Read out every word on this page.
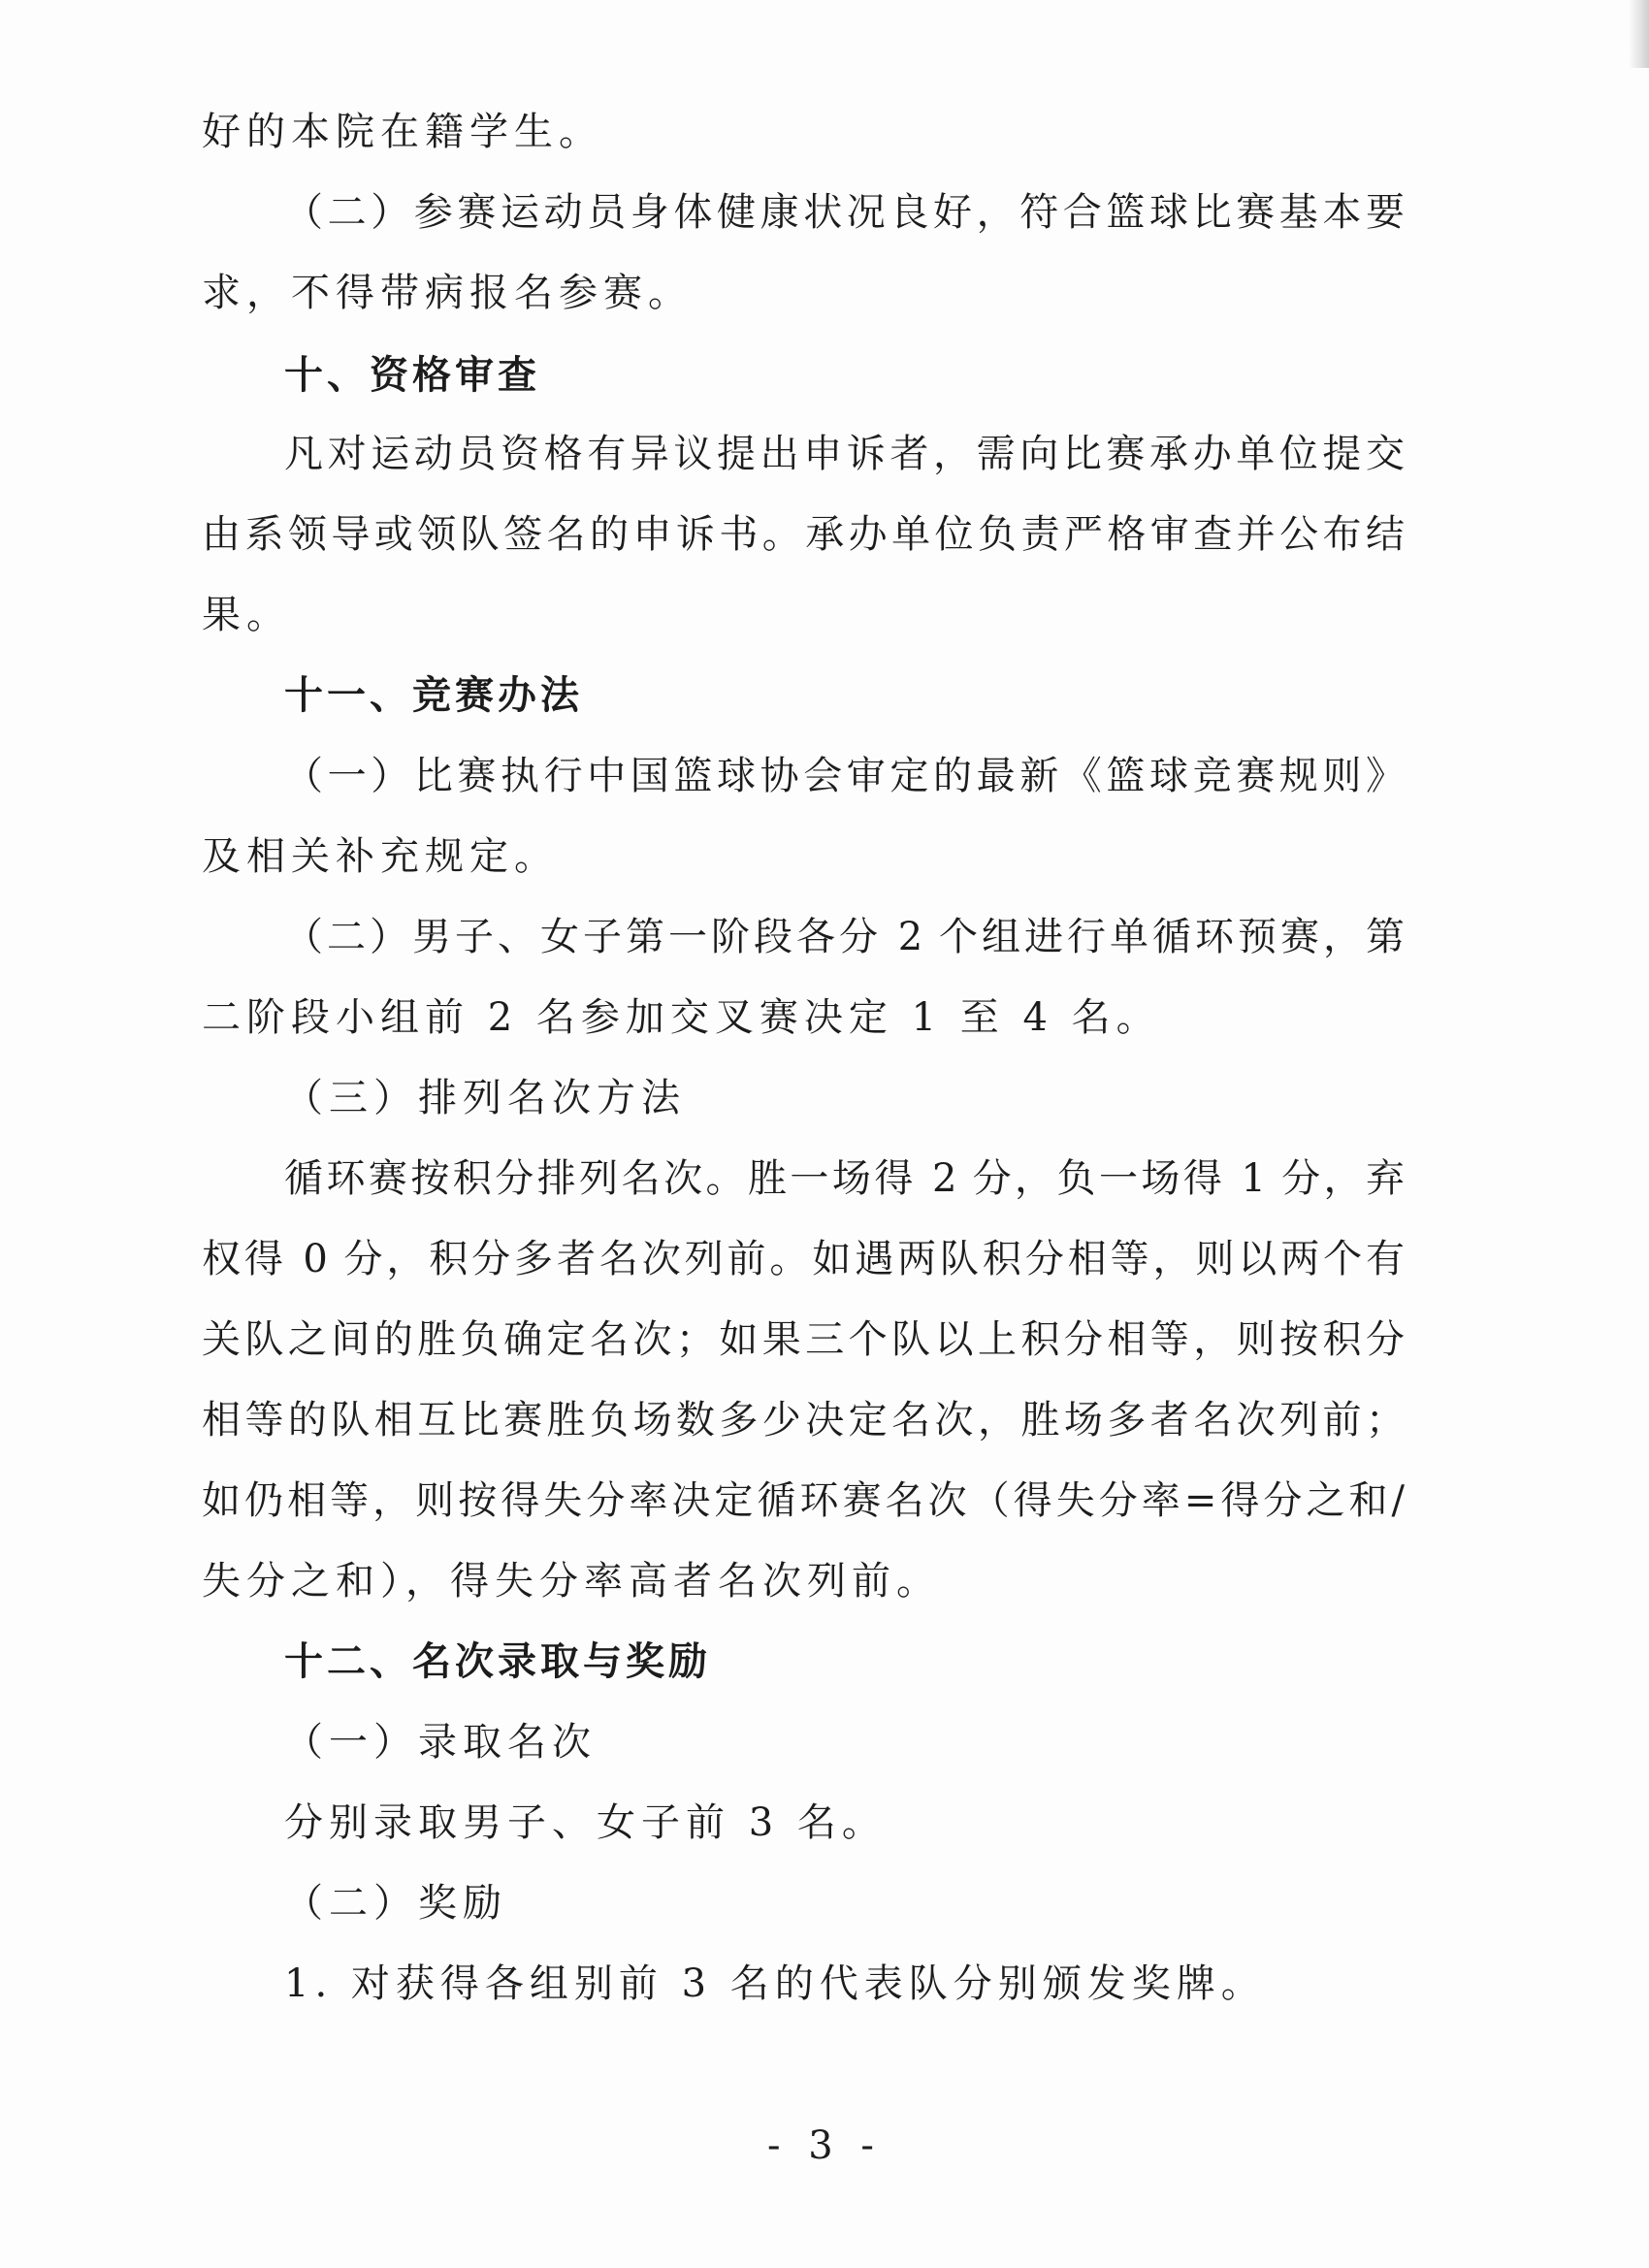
好的本院在籍学生。
（二）参赛运动员身体健康状况良好，符合篮球比赛基本要
求，不得带病报名参赛。
十、资格审查
凡对运动员资格有异议提出申诉者，需向比赛承办单位提交
由系领导或领队签名的申诉书。承办单位负责严格审查并公布结
果。
十一、竞赛办法
（一）比赛执行中国篮球协会审定的最新《篮球竞赛规则》
及相关补充规定。
（二）男子、女子第一阶段各分 2 个组进行单循环预赛，第
二阶段小组前 2 名参加交叉赛决定 1 至 4 名。
（三）排列名次方法
循环赛按积分排列名次。胜一场得 2 分，负一场得 1 分，弃
权得 0 分，积分多者名次列前。如遇两队积分相等，则以两个有
关队之间的胜负确定名次；如果三个队以上积分相等，则按积分
相等的队相互比赛胜负场数多少决定名次，胜场多者名次列前；
如仍相等，则按得失分率决定循环赛名次（得失分率=得分之和/
失分之和），得失分率高者名次列前。
十二、名次录取与奖励
（一）录取名次
分别录取男子、女子前 3 名。
（二）奖励
1. 对获得各组别前 3 名的代表队分别颁发奖牌。
- 3 -
